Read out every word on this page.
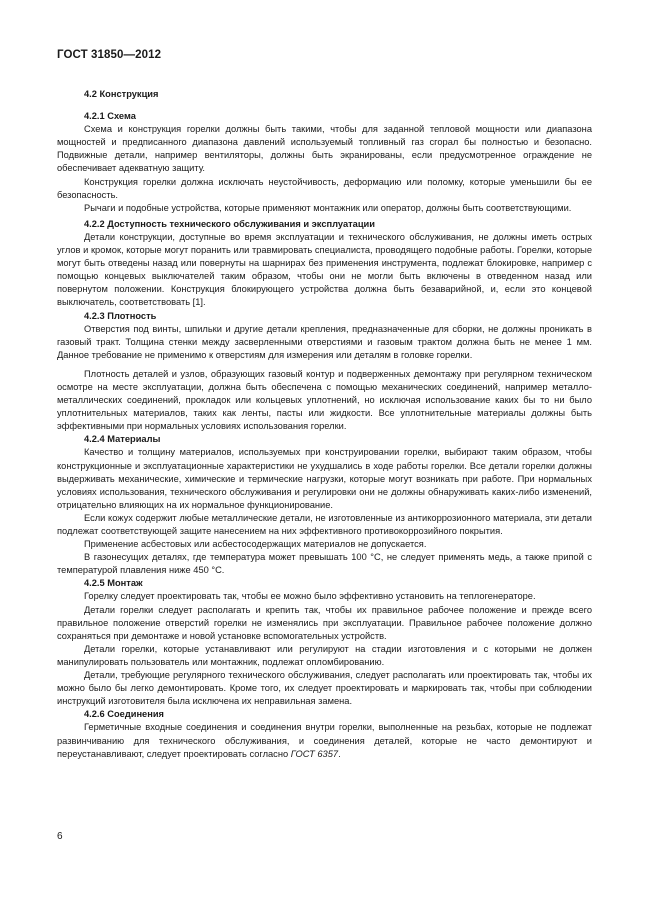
ГОСТ 31850—2012

4.2 Конструкция

4.2.1 Схема

Схема и конструкция горелки должны быть такими, чтобы для заданной тепловой мощности или диапазона мощностей и предписанного диапазона давлений используемый топливный газ сгорал бы полностью и безопасно. Подвижные детали, например вентиляторы, должны быть экранированы, если предусмотренное ограждение не обеспечивает адекватную защиту.

Конструкция горелки должна исключать неустойчивость, деформацию или поломку, которые уменьшили бы ее безопасность.

Рычаги и подобные устройства, которые применяют монтажник или оператор, должны быть соответствующими.

4.2.2 Доступность технического обслуживания и эксплуатации

Детали конструкции, доступные во время эксплуатации и технического обслуживания, не должны иметь острых углов и кромок, которые могут поранить или травмировать специалиста, проводящего подобные работы. Горелки, которые могут быть отведены назад или повернуты на шарнирах без применения инструмента, подлежат блокировке, например с помощью концевых выключателей таким образом, чтобы они не могли быть включены в отведенном назад или повернутом положении. Конструкция блокирующего устройства должна быть безаварийной, и, если это концевой выключатель, соответствовать [1].

4.2.3 Плотность

Отверстия под винты, шпильки и другие детали крепления, предназначенные для сборки, не должны проникать в газовый тракт. Толщина стенки между засверленными отверстиями и газовым трактом должна быть не менее 1 мм. Данное требование не применимо к отверстиям для измерения или деталям в головке горелки.

Плотность деталей и узлов, образующих газовый контур и подверженных демонтажу при регулярном техническом осмотре на месте эксплуатации, должна быть обеспечена с помощью механических соединений, например металло-металлических соединений, прокладок или кольцевых уплотнений, но исключая использование каких бы то ни было уплотнительных материалов, таких как ленты, пасты или жидкости. Все уплотнительные материалы должны быть эффективными при нормальных условиях использования горелки.

4.2.4 Материалы

Качество и толщину материалов, используемых при конструировании горелки, выбирают таким образом, чтобы конструкционные и эксплуатационные характеристики не ухудшались в ходе работы горелки. Все детали горелки должны выдерживать механические, химические и термические нагрузки, которые могут возникать при работе. При нормальных условиях использования, технического обслуживания и регулировки они не должны обнаруживать каких-либо изменений, отрицательно влияющих на их нормальное функционирование.

Если кожух содержит любые металлические детали, не изготовленные из антикоррозионного материала, эти детали подлежат соответствующей защите нанесением на них эффективного противокоррозийного покрытия.

Применение асбестовых или асбестосодержащих материалов не допускается.

В газонесущих деталях, где температура может превышать 100 °С, не следует применять медь, а также припой с температурой плавления ниже 450 °С.

4.2.5 Монтаж

Горелку следует проектировать так, чтобы ее можно было эффективно установить на теплогенераторе.

Детали горелки следует располагать и крепить так, чтобы их правильное рабочее положение и прежде всего правильное положение отверстий горелки не изменялись при эксплуатации. Правильное рабочее положение должно сохраняться при демонтаже и новой установке вспомогательных устройств.

Детали горелки, которые устанавливают или регулируют на стадии изготовления и с которыми не должен манипулировать пользователь или монтажник, подлежат опломбированию.

Детали, требующие регулярного технического обслуживания, следует располагать или проектировать так, чтобы их можно было бы легко демонтировать. Кроме того, их следует проектировать и маркировать так, чтобы при соблюдении инструкций изготовителя была исключена их неправильная замена.

4.2.6 Соединения

Герметичные входные соединения и соединения внутри горелки, выполненные на резьбах, которые не подлежат развинчиванию для технического обслуживания, и соединения деталей, которые не часто демонтируют и переустанавливают, следует проектировать согласно ГОСТ 6357.

6
